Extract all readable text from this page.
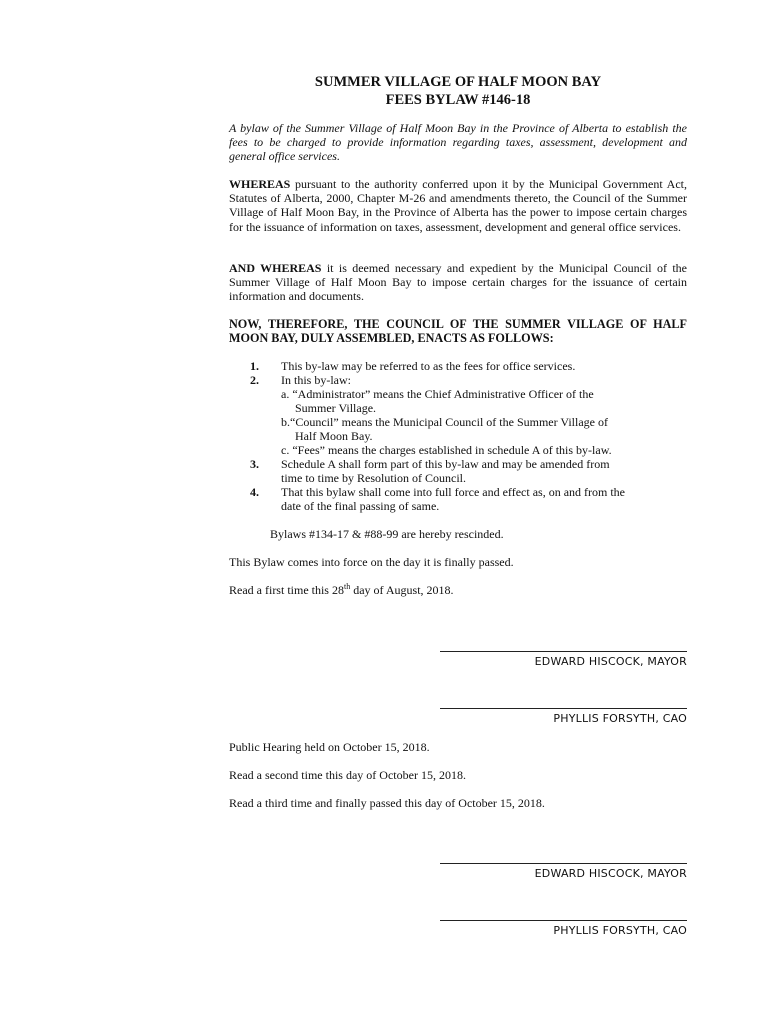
SUMMER VILLAGE OF HALF MOON BAY
FEES BYLAW #146-18
A bylaw of the Summer Village of Half Moon Bay in the Province of Alberta to establish the fees to be charged to provide information regarding taxes, assessment, development and general office services.
WHEREAS pursuant to the authority conferred upon it by the Municipal Government Act, Statutes of Alberta, 2000, Chapter M-26 and amendments thereto, the Council of the Summer Village of Half Moon Bay, in the Province of Alberta has the power to impose certain charges for the issuance of information on taxes, assessment, development and general office services.
AND WHEREAS it is deemed necessary and expedient by the Municipal Council of the Summer Village of Half Moon Bay to impose certain charges for the issuance of certain information and documents.
NOW, THEREFORE, THE COUNCIL OF THE SUMMER VILLAGE OF HALF MOON BAY, DULY ASSEMBLED, ENACTS AS FOLLOWS:
1. This by-law may be referred to as the fees for office services.
2. In this by-law:
a. “Administrator” means the Chief Administrative Officer of the
Summer Village.
b.“Council” means the Municipal Council of the Summer Village of
Half Moon Bay.
c. “Fees” means the charges established in schedule A of this by-law.
3. Schedule A shall form part of this by-law and may be amended from
time to time by Resolution of Council.
4. That this bylaw shall come into full force and effect as, on and from the
date of the final passing of same.
Bylaws #134-17 & #88-99 are hereby rescinded.
This Bylaw comes into force on the day it is finally passed.
Read a first time this 28th day of August, 2018.
EDWARD HISCOCK, MAYOR
PHYLLIS FORSYTH, CAO
Public Hearing held on October 15, 2018.
Read a second time this day of October 15, 2018.
Read a third time and finally passed this day of October 15, 2018.
EDWARD HISCOCK, MAYOR
PHYLLIS FORSYTH, CAO
